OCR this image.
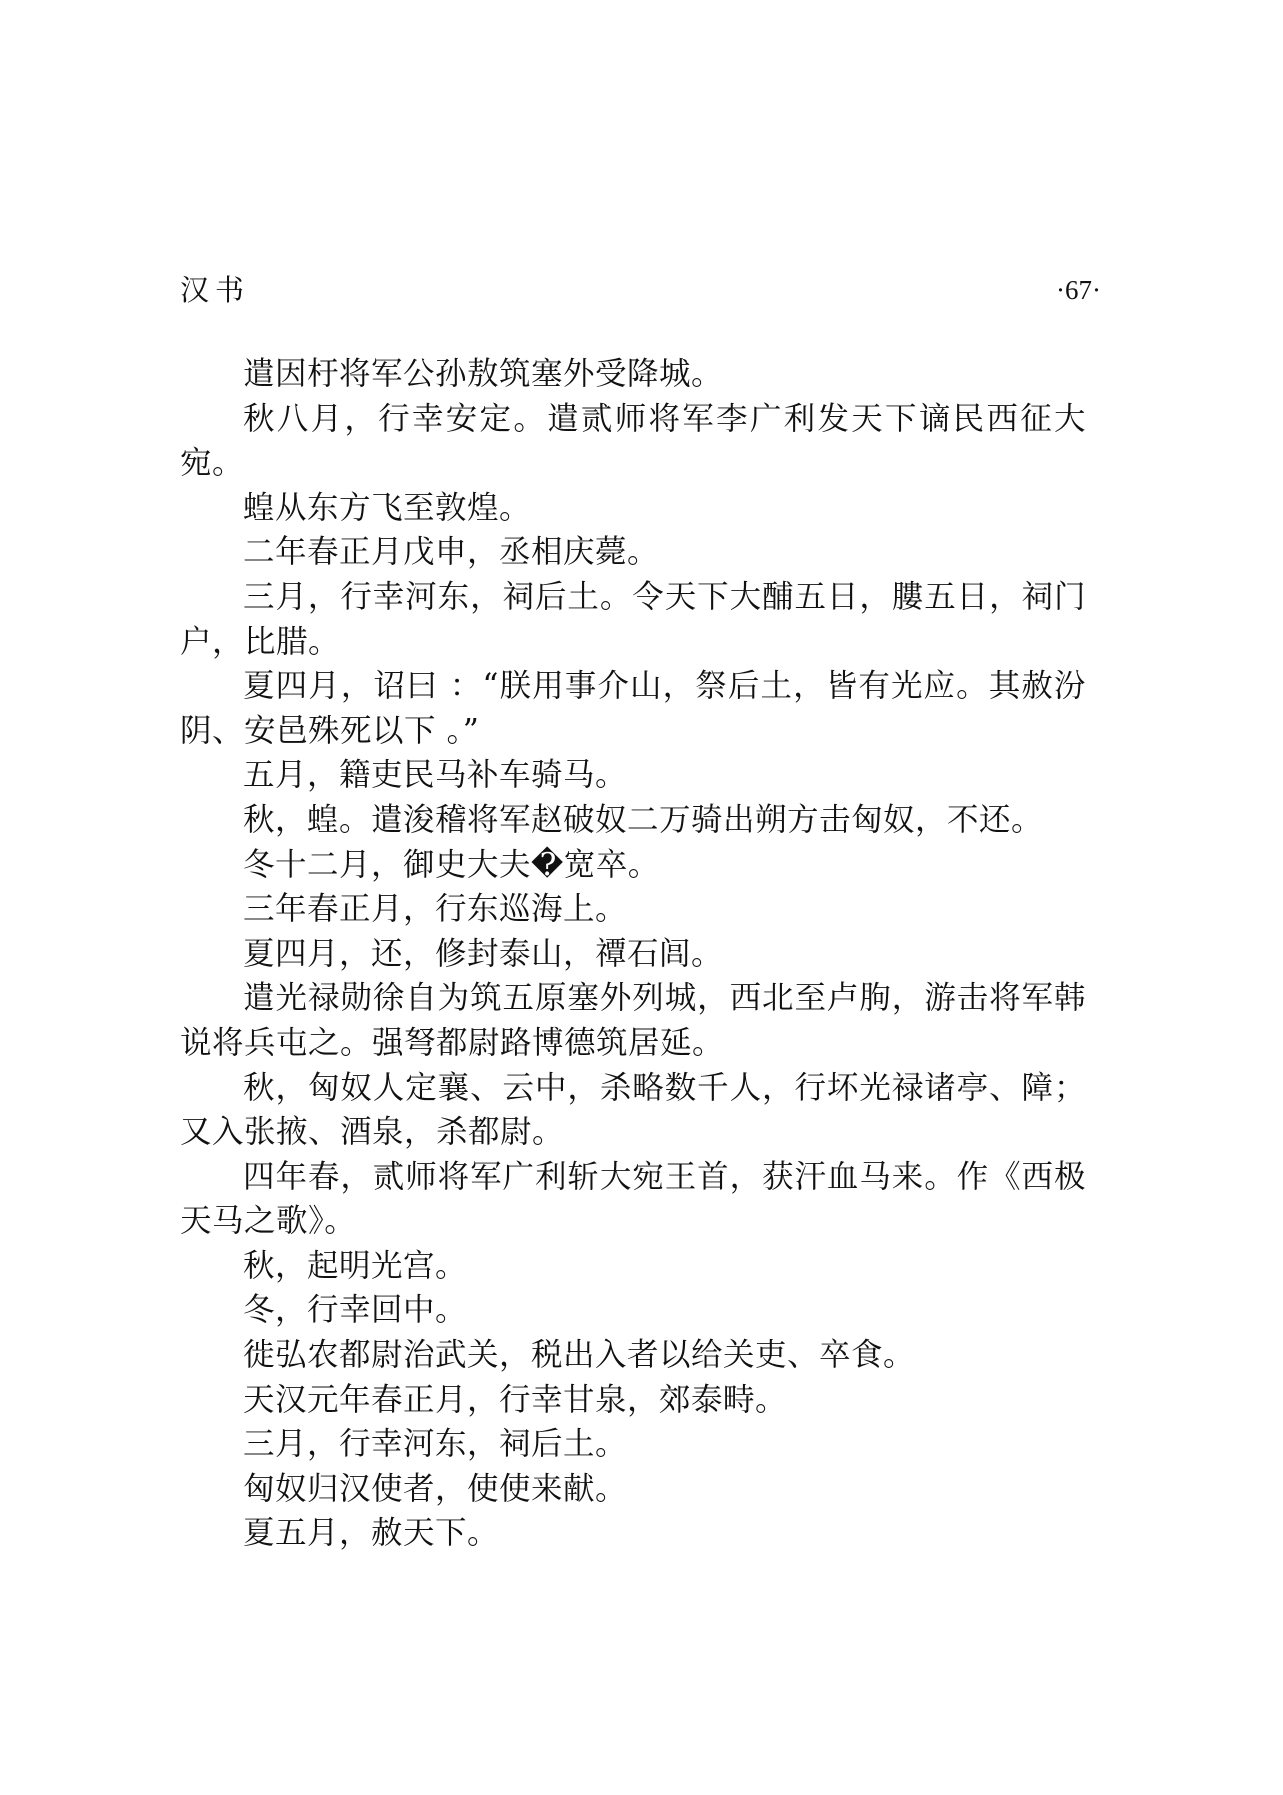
汉书	·67·

遣因杅将军公孙敖筑塞外受降城。

秋八月，行幸安定。遣贰师将军李广利发天下谪民西征大宛。

蝗从东方飞至敦煌。

二年春正月戊申，丞相庆薨。

三月，行幸河东，祠后土。令天下大酺五日，膢五日，祠门户，比腊。

夏四月，诏曰 ：“朕用事介山，祭后土，皆有光应。其赦汾阴、安邑殊死以下 。”

五月，籍吏民马补车骑马。

秋，蝗。遣浚稽将军赵破奴二万骑出朔方击匈奴，不还。

冬十二月，御史大夫�宽卒。

三年春正月，行东巡海上。

夏四月，还，修封泰山，禫石闾。

遣光禄勋徐自为筑五原塞外列城，西北至卢朐，游击将军韩说将兵屯之。强弩都尉路博德筑居延。

秋，匈奴人定襄、云中，杀略数千人，行坏光禄诸亭、障；又入张掖、酒泉，杀都尉。

四年春，贰师将军广利斩大宛王首，获汗血马来。作《西极天马之歌》。

秋，起明光宫。

冬，行幸回中。

徙弘农都尉治武关，税出入者以给关吏、卒食。

天汉元年春正月，行幸甘泉，郊泰畤。

三月，行幸河东，祠后土。

匈奴归汉使者，使使来献。

夏五月，赦天下。
